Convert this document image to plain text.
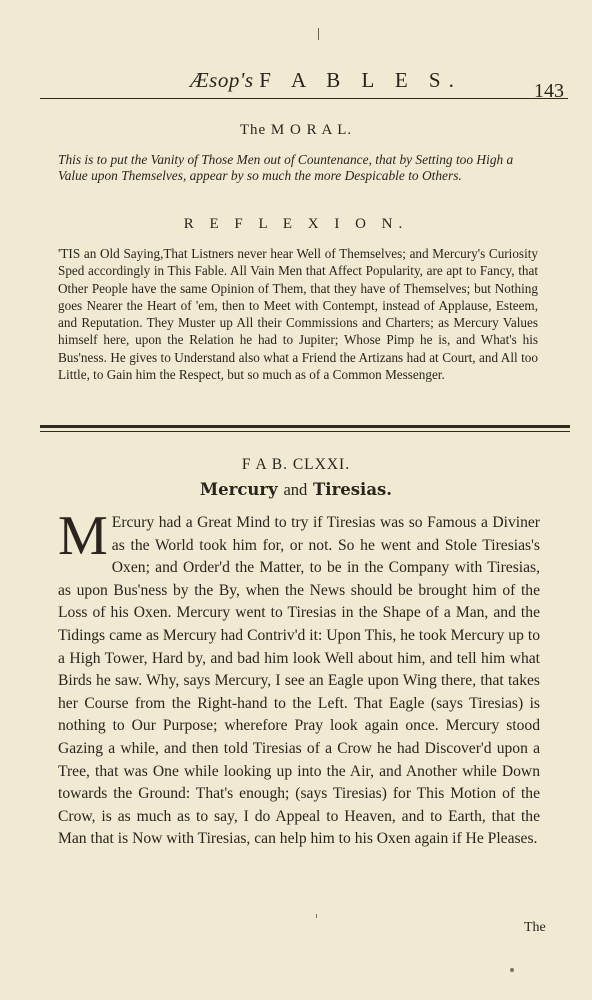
Æsop's F A B L E S.	143
The M O R A L.
This is to put the Vanity of Those Men out of Countenance, that by Setting too High a Value upon Themselves, appear by so much the more Despicable to Others.
R E F L E X I O N.

'TIS an Old Saying,That Listners never hear Well of Themselves; and Mercury's Curiosity Sped accordingly in This Fable. All Vain Men that Affect Popularity, are apt to Fancy, that Other People have the same Opinion of Them, that they have of Themselves; but Nothing goes Nearer the Heart of 'em, then to Meet with Contempt, instead of Applause, Esteem, and Reputation. They Muster up All their Commissions and Charters; as Mercury Values himself here, upon the Relation he had to Jupiter; Whose Pimp he is, and What's his Bus'ness. He gives to Understand also what a Friend the Artizans had at Court, and All too Little, to Gain him the Respect, but so much as of a Common Messenger.

F A B. CLXXI.
Mercury and Tiresias.
M Ercury had a Great Mind to try if Tiresias was so Famous a Diviner as the World took him for, or not. So he went and Stole Tiresias's Oxen; and Order'd the Matter, to be in the Company with Tiresias, as upon Bus'ness by the By, when the News should be brought him of the Loss of his Oxen. Mercury went to Tiresias in the Shape of a Man, and the Tidings came as Mercury had Contriv'd it: Upon This, he took Mercury up to a High Tower, Hard by, and bad him look Well about him, and tell him what Birds he saw. Why, says Mercury, I see an Eagle upon Wing there, that takes her Course from the Right-hand to the Left. That Eagle (says Tiresias) is nothing to Our Purpose; wherefore Pray look again once. Mercury stood Gazing a while, and then told Tiresias of a Crow he had Discover'd upon a Tree, that was One while looking up into the Air, and Another while Down towards the Ground: That's enough; (says Tiresias) for This Motion of the Crow, is as much as to say, I do Appeal to Heaven, and to Earth, that the Man that is Now with Tiresias, can help him to his Oxen again if He Pleases.
The
